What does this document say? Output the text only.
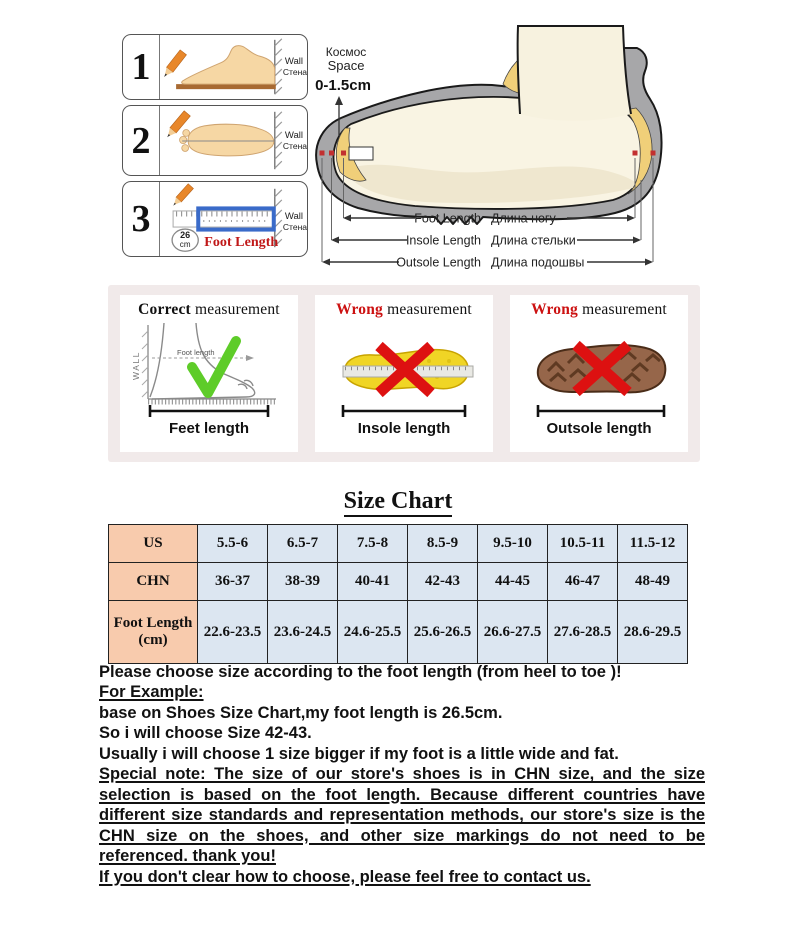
1	Wall
Стена
2	Wall
Стена
3	26
cm Foot Length
Wall
Стена
Космос
Space
0-1.5cm
Foot Length Длина ногу
Insole Length Длина стельки
Outsole Length Длина подошвы
Correct measurement
WALL	Foot length
Feet length
Wrong measurement
Insole length
Wrong measurement
Outsole length
Size Chart
US	5.5-6	6.5-7	7.5-8	8.5-9	9.5-10	10.5-11	11.5-12
CHN	36-37	38-39	40-41	42-43	44-45	46-47	48-49

Foot Length
(cm)	22.6-23.5	23.6-24.5	24.6-25.5	25.6-26.5	26.6-27.5	27.6-28.5	28.6-29.5

Please choose size according to the foot length (from heel to toe )!

For Example:

base on Shoes Size Chart,my foot length is 26.5cm.

So i will choose Size 42-43.

Usually i will choose 1 size bigger if my foot is a little wide and fat.

Special note: The size of our store's shoes is in CHN size, and the size selection is based on the foot length. Because different countries have different size standards and representation methods, our store's size is the CHN size on the shoes, and other size markings do not need to be referenced. thank you!

If you don't clear how to choose, please feel free to contact us.
